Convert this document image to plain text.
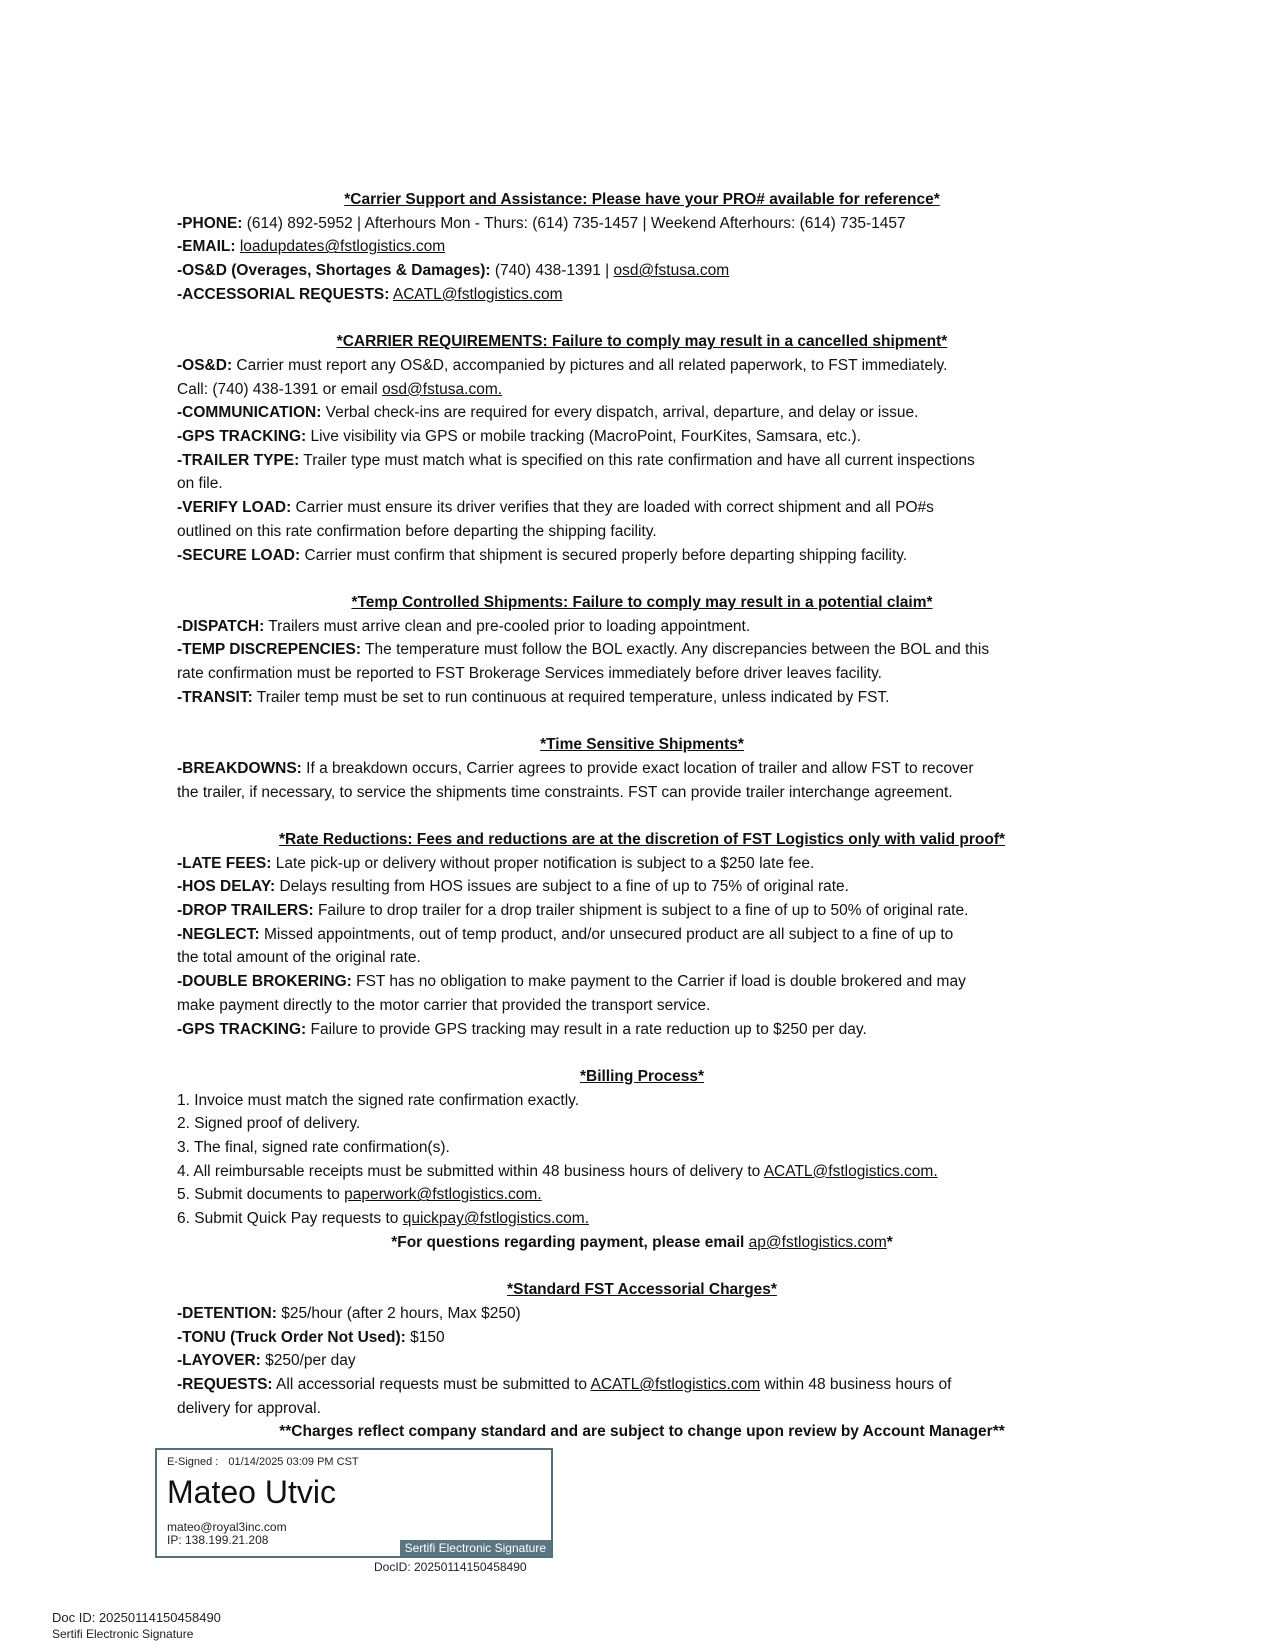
*Carrier Support and Assistance: Please have your PRO# available for reference*
-PHONE: (614) 892-5952 | Afterhours Mon - Thurs: (614) 735-1457 | Weekend Afterhours: (614) 735-1457
-EMAIL: loadupdates@fstlogistics.com
-OS&D (Overages, Shortages & Damages): (740) 438-1391 | osd@fstusa.com
-ACCESSORIAL REQUESTS: ACATL@fstlogistics.com
*CARRIER REQUIREMENTS: Failure to comply may result in a cancelled shipment*
-OS&D: Carrier must report any OS&D, accompanied by pictures and all related paperwork, to FST immediately.
Call: (740) 438-1391 or email osd@fstusa.com.
-COMMUNICATION: Verbal check-ins are required for every dispatch, arrival, departure, and delay or issue.
-GPS TRACKING: Live visibility via GPS or mobile tracking (MacroPoint, FourKites, Samsara, etc.).
-TRAILER TYPE: Trailer type must match what is specified on this rate confirmation and have all current inspections
on file.
-VERIFY LOAD: Carrier must ensure its driver verifies that they are loaded with correct shipment and all PO#s
outlined on this rate confirmation before departing the shipping facility.
-SECURE LOAD: Carrier must confirm that shipment is secured properly before departing shipping facility.
*Temp Controlled Shipments: Failure to comply may result in a potential claim*
-DISPATCH: Trailers must arrive clean and pre-cooled prior to loading appointment.
-TEMP DISCREPENCIES: The temperature must follow the BOL exactly. Any discrepancies between the BOL and this
rate confirmation must be reported to FST Brokerage Services immediately before driver leaves facility.
-TRANSIT: Trailer temp must be set to run continuous at required temperature, unless indicated by FST.
*Time Sensitive Shipments*
-BREAKDOWNS: If a breakdown occurs, Carrier agrees to provide exact location of trailer and allow FST to recover
the trailer, if necessary, to service the shipments time constraints. FST can provide trailer interchange agreement.
*Rate Reductions: Fees and reductions are at the discretion of FST Logistics only with valid proof*
-LATE FEES: Late pick-up or delivery without proper notification is subject to a $250 late fee.
-HOS DELAY: Delays resulting from HOS issues are subject to a fine of up to 75% of original rate.
-DROP TRAILERS: Failure to drop trailer for a drop trailer shipment is subject to a fine of up to 50% of original rate.
-NEGLECT: Missed appointments, out of temp product, and/or unsecured product are all subject to a fine of up to
the total amount of the original rate.
-DOUBLE BROKERING: FST has no obligation to make payment to the Carrier if load is double brokered and may
make payment directly to the motor carrier that provided the transport service.
-GPS TRACKING: Failure to provide GPS tracking may result in a rate reduction up to $250 per day.
*Billing Process*
1. Invoice must match the signed rate confirmation exactly.
2. Signed proof of delivery.
3. The final, signed rate confirmation(s).
4. All reimbursable receipts must be submitted within 48 business hours of delivery to ACATL@fstlogistics.com.
5. Submit documents to paperwork@fstlogistics.com.
6. Submit Quick Pay requests to quickpay@fstlogistics.com.
*For questions regarding payment, please email ap@fstlogistics.com*
*Standard FST Accessorial Charges*
-DETENTION: $25/hour (after 2 hours, Max $250)
-TONU (Truck Order Not Used): $150
-LAYOVER: $250/per day
-REQUESTS: All accessorial requests must be submitted to ACATL@fstlogistics.com within 48 business hours of
delivery for approval.
**Charges reflect company standard and are subject to change upon review by Account Manager**
E-Signed : 01/14/2025 03:09 PM CST
Mateo Utvic
mateo@royal3inc.com
IP: 138.199.21.208
Sertifi Electronic Signature
DocID: 20250114150458490
Doc ID: 20250114150458490
Sertifi Electronic Signature
